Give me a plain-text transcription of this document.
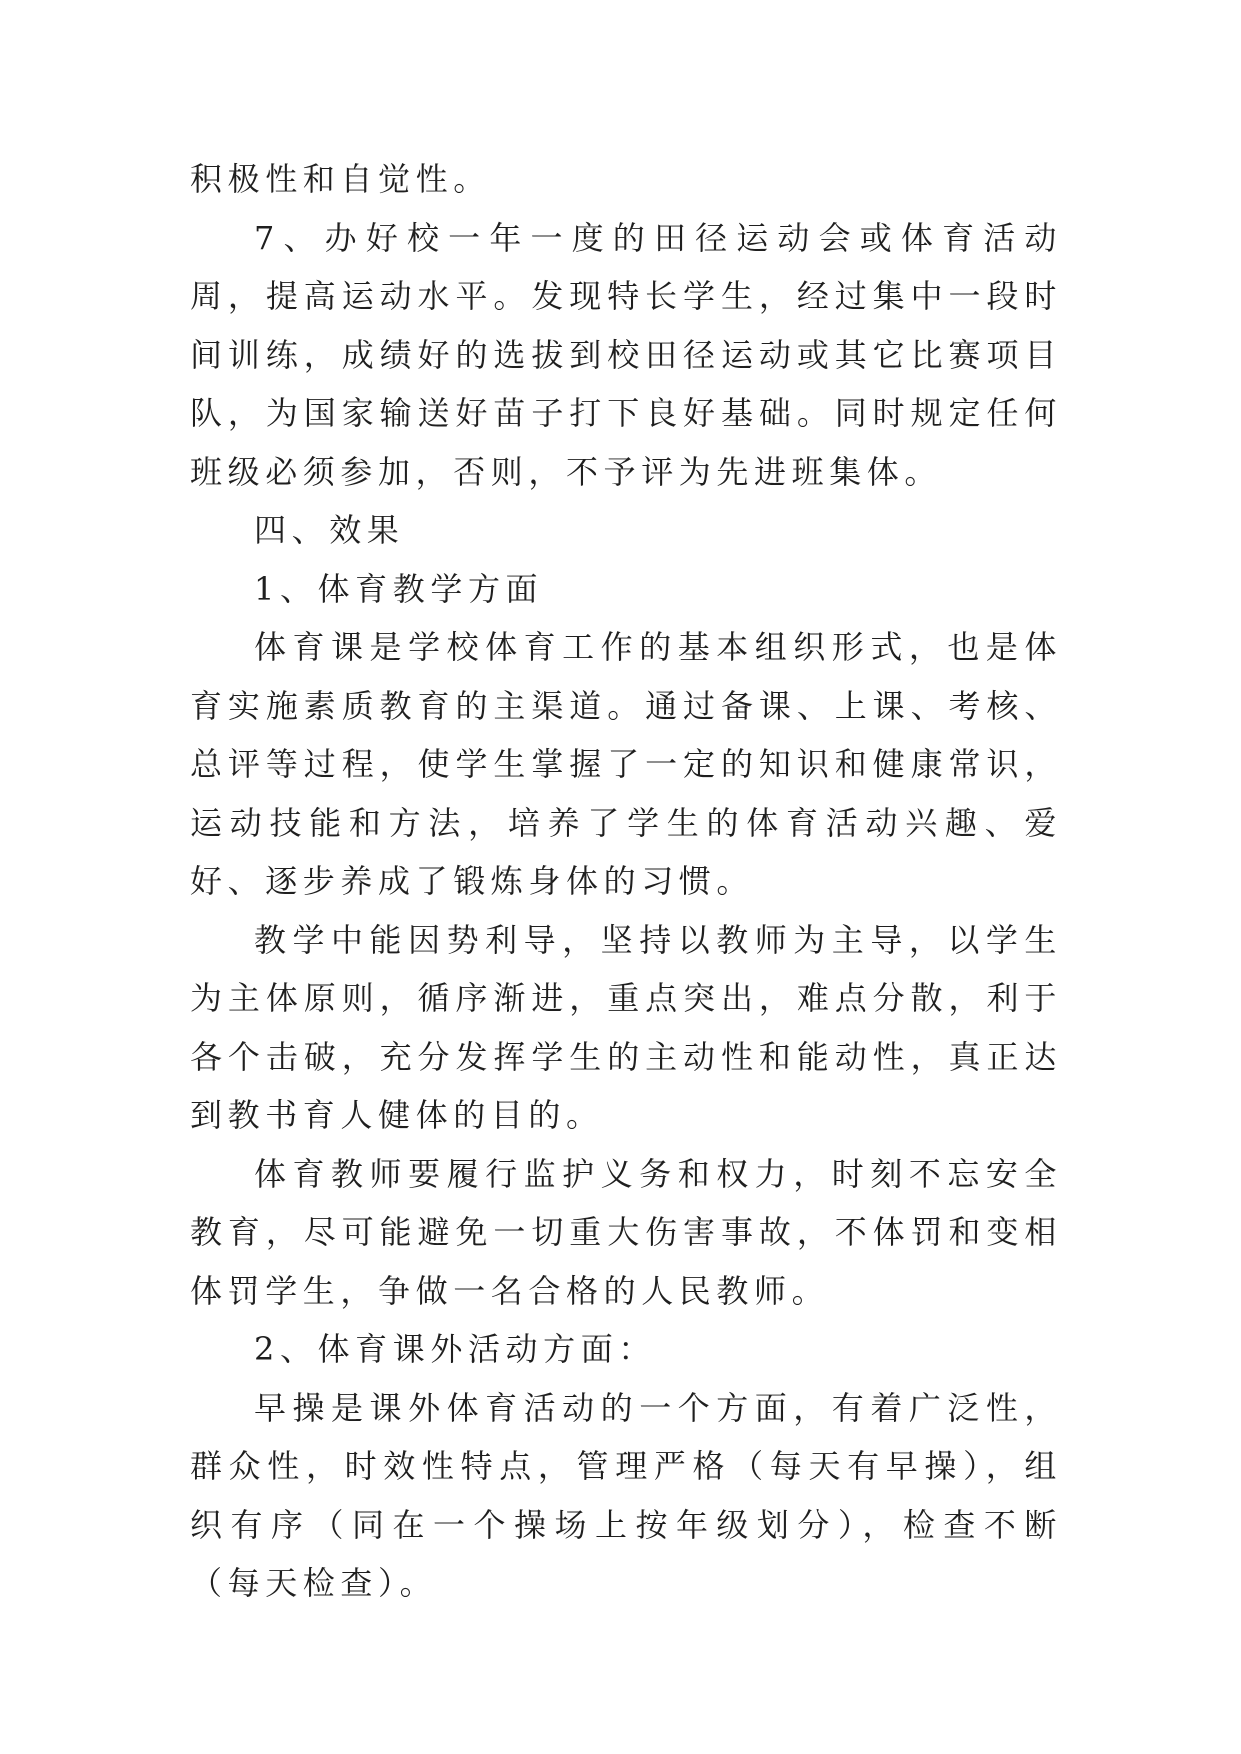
积极性和自觉性。

7、办好校一年一度的田径运动会或体育活动周，提高运动水平。发现特长学生，经过集中一段时间训练，成绩好的选拔到校田径运动或其它比赛项目队，为国家输送好苗子打下良好基础。同时规定任何班级必须参加，否则，不予评为先进班集体。

四、效果

1、体育教学方面

体育课是学校体育工作的基本组织形式，也是体育实施素质教育的主渠道。通过备课、上课、考核、总评等过程，使学生掌握了一定的知识和健康常识，运动技能和方法，培养了学生的体育活动兴趣、爱好、逐步养成了锻炼身体的习惯。

教学中能因势利导，坚持以教师为主导，以学生为主体原则，循序渐进，重点突出，难点分散，利于各个击破，充分发挥学生的主动性和能动性，真正达到教书育人健体的目的。

体育教师要履行监护义务和权力，时刻不忘安全教育，尽可能避免一切重大伤害事故，不体罚和变相体罚学生，争做一名合格的人民教师。

2、体育课外活动方面：

早操是课外体育活动的一个方面，有着广泛性，群众性，时效性特点，管理严格（每天有早操），组织有序（同在一个操场上按年级划分），检查不断（每天检查）。
